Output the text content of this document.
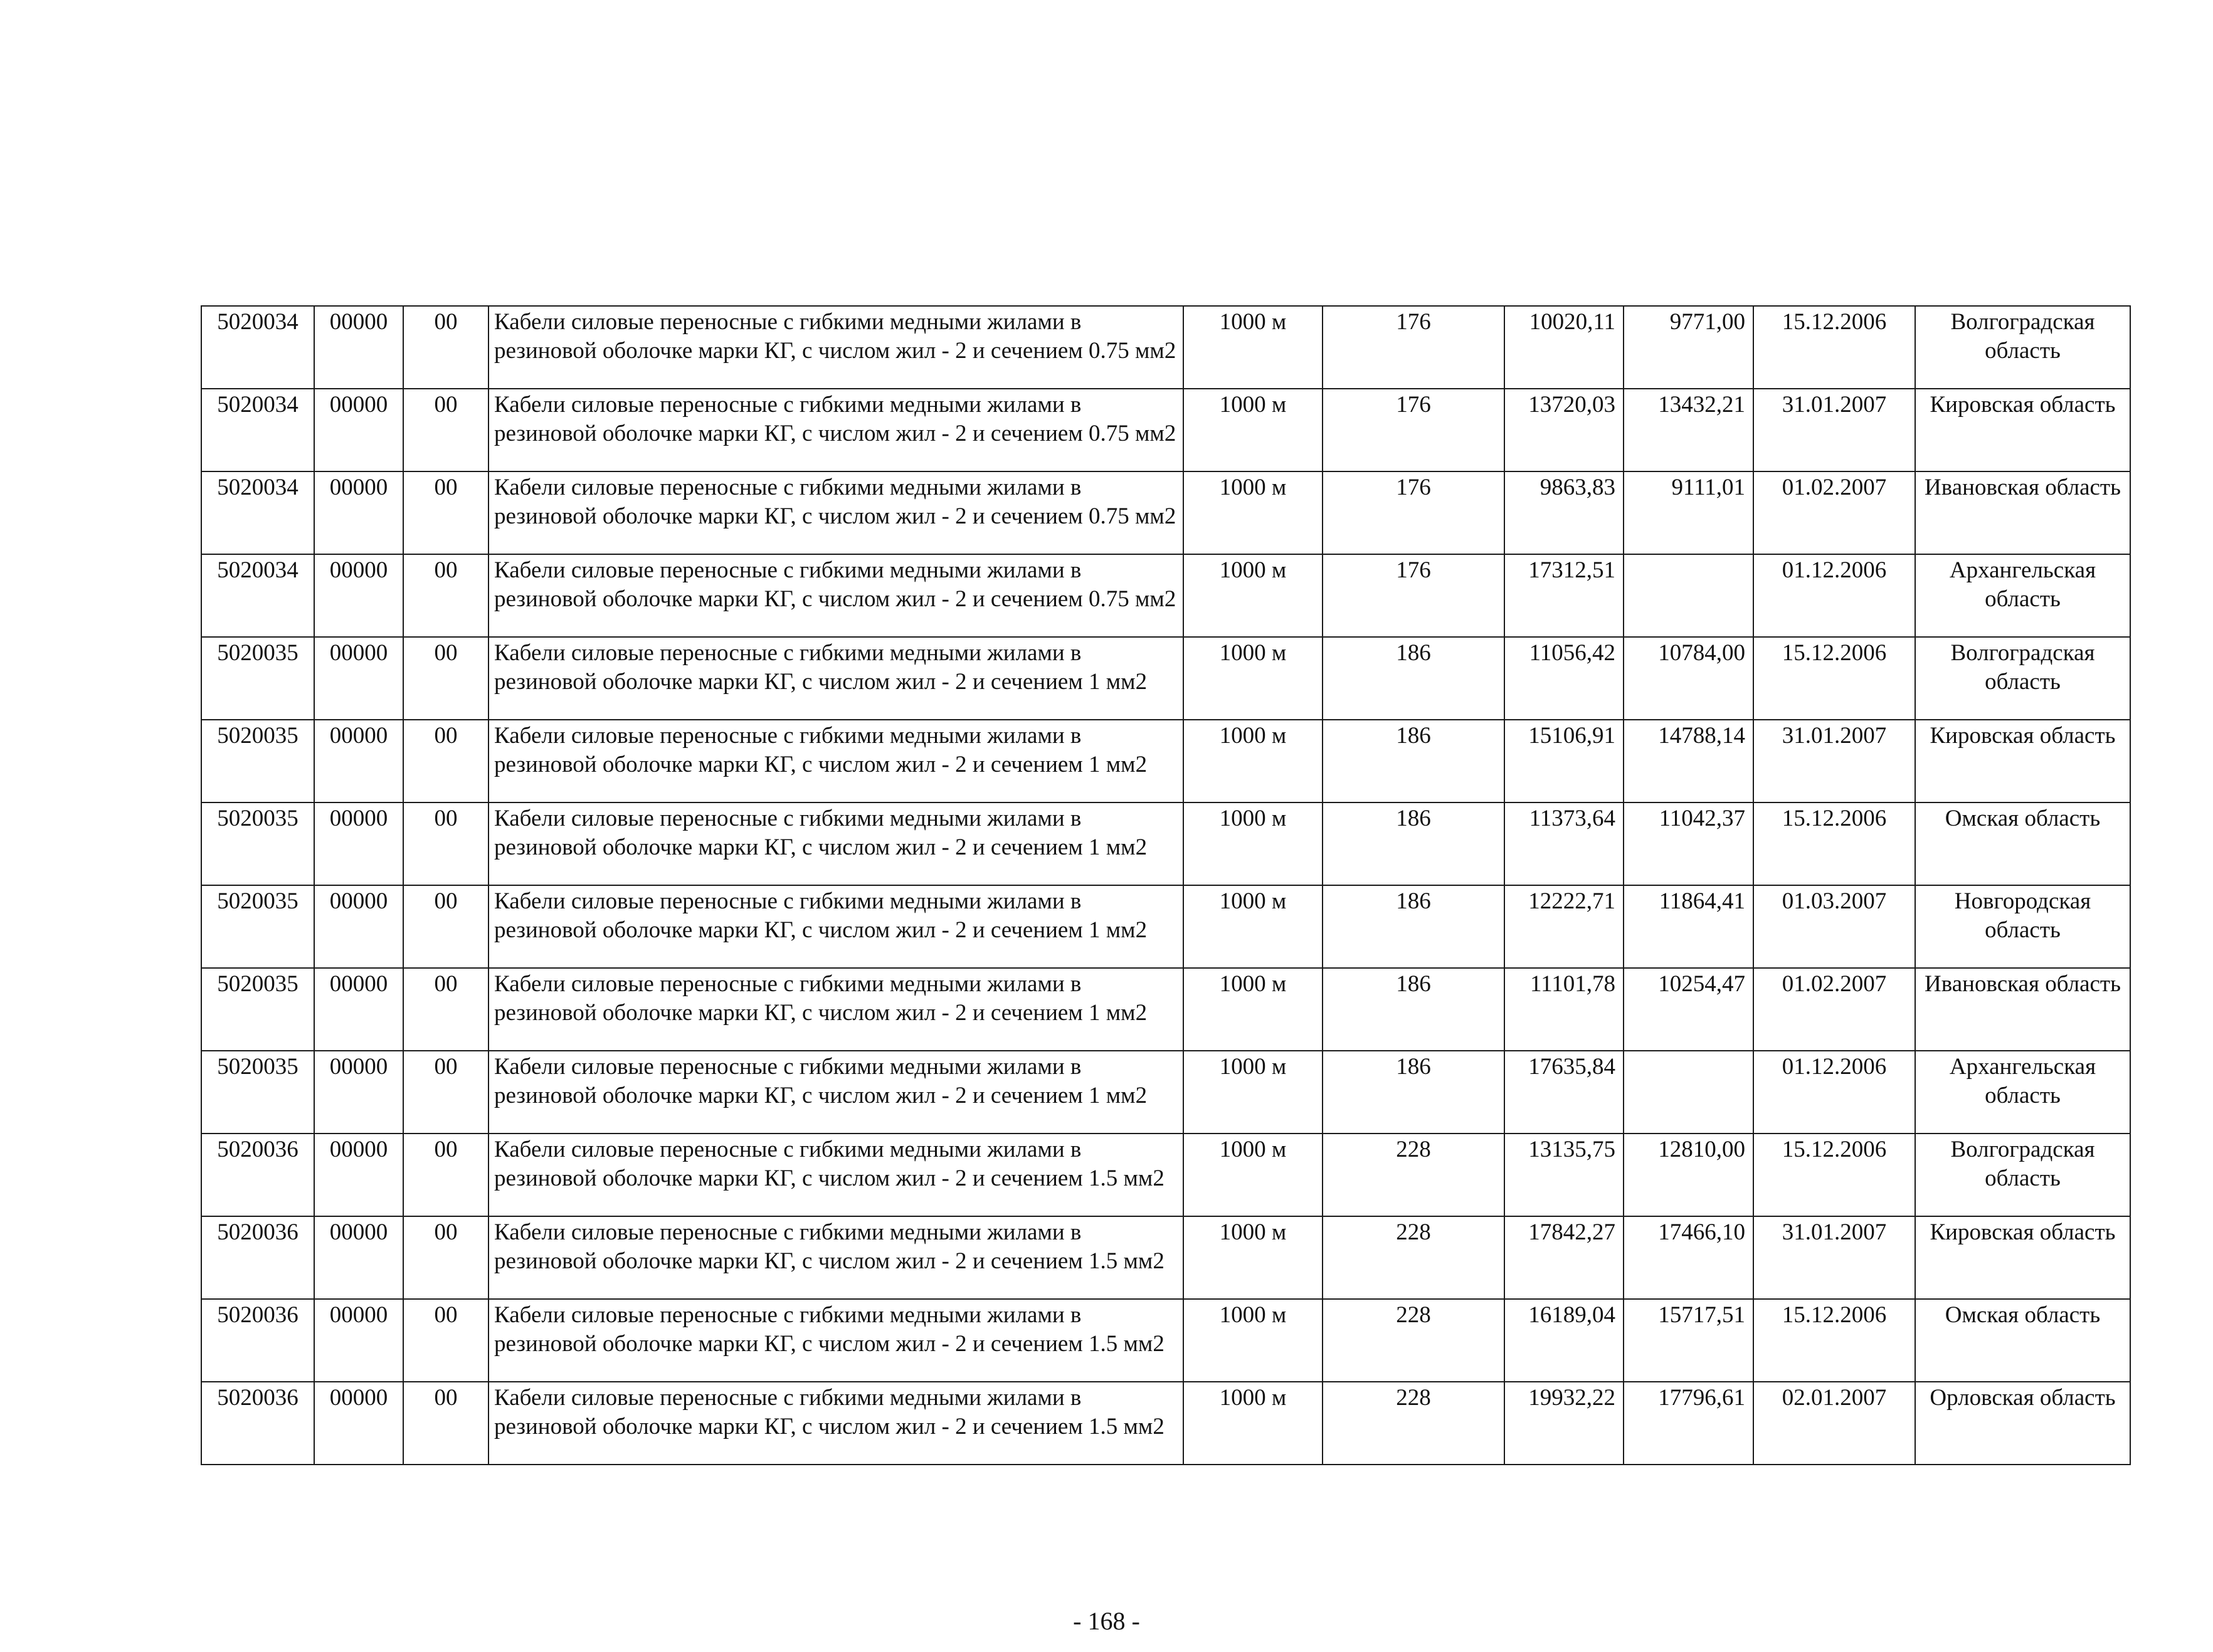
5020034	00000	00	Кабели силовые переносные с гибкими медными жилами в резиновой оболочке марки КГ, с числом жил - 2 и сечением 0.75 мм2	1000 м	176	10020,11	9771,00	15.12.2006	Волгоградская область
5020034	00000	00	Кабели силовые переносные с гибкими медными жилами в резиновой оболочке марки КГ, с числом жил - 2 и сечением 0.75 мм2	1000 м	176	13720,03	13432,21	31.01.2007	Кировская область
5020034	00000	00	Кабели силовые переносные с гибкими медными жилами в резиновой оболочке марки КГ, с числом жил - 2 и сечением 0.75 мм2	1000 м	176	9863,83	9111,01	01.02.2007	Ивановская область
5020034	00000	00	Кабели силовые переносные с гибкими медными жилами в резиновой оболочке марки КГ, с числом жил - 2 и сечением 0.75 мм2	1000 м	176	17312,51		01.12.2006	Архангельская область
5020035	00000	00	Кабели силовые переносные с гибкими медными жилами в резиновой оболочке марки КГ, с числом жил - 2 и сечением 1 мм2	1000 м	186	11056,42	10784,00	15.12.2006	Волгоградская область
5020035	00000	00	Кабели силовые переносные с гибкими медными жилами в резиновой оболочке марки КГ, с числом жил - 2 и сечением 1 мм2	1000 м	186	15106,91	14788,14	31.01.2007	Кировская область
5020035	00000	00	Кабели силовые переносные с гибкими медными жилами в резиновой оболочке марки КГ, с числом жил - 2 и сечением 1 мм2	1000 м	186	11373,64	11042,37	15.12.2006	Омская область
5020035	00000	00	Кабели силовые переносные с гибкими медными жилами в резиновой оболочке марки КГ, с числом жил - 2 и сечением 1 мм2	1000 м	186	12222,71	11864,41	01.03.2007	Новгородская область
5020035	00000	00	Кабели силовые переносные с гибкими медными жилами в резиновой оболочке марки КГ, с числом жил - 2 и сечением 1 мм2	1000 м	186	11101,78	10254,47	01.02.2007	Ивановская область
5020035	00000	00	Кабели силовые переносные с гибкими медными жилами в резиновой оболочке марки КГ, с числом жил - 2 и сечением 1 мм2	1000 м	186	17635,84		01.12.2006	Архангельская область
5020036	00000	00	Кабели силовые переносные с гибкими медными жилами в резиновой оболочке марки КГ, с числом жил - 2 и сечением 1.5 мм2	1000 м	228	13135,75	12810,00	15.12.2006	Волгоградская область
5020036	00000	00	Кабели силовые переносные с гибкими медными жилами в резиновой оболочке марки КГ, с числом жил - 2 и сечением 1.5 мм2	1000 м	228	17842,27	17466,10	31.01.2007	Кировская область
5020036	00000	00	Кабели силовые переносные с гибкими медными жилами в резиновой оболочке марки КГ, с числом жил - 2 и сечением 1.5 мм2	1000 м	228	16189,04	15717,51	15.12.2006	Омская область
5020036	00000	00	Кабели силовые переносные с гибкими медными жилами в резиновой оболочке марки КГ, с числом жил - 2 и сечением 1.5 мм2	1000 м	228	19932,22	17796,61	02.01.2007	Орловская область

- 168 -
